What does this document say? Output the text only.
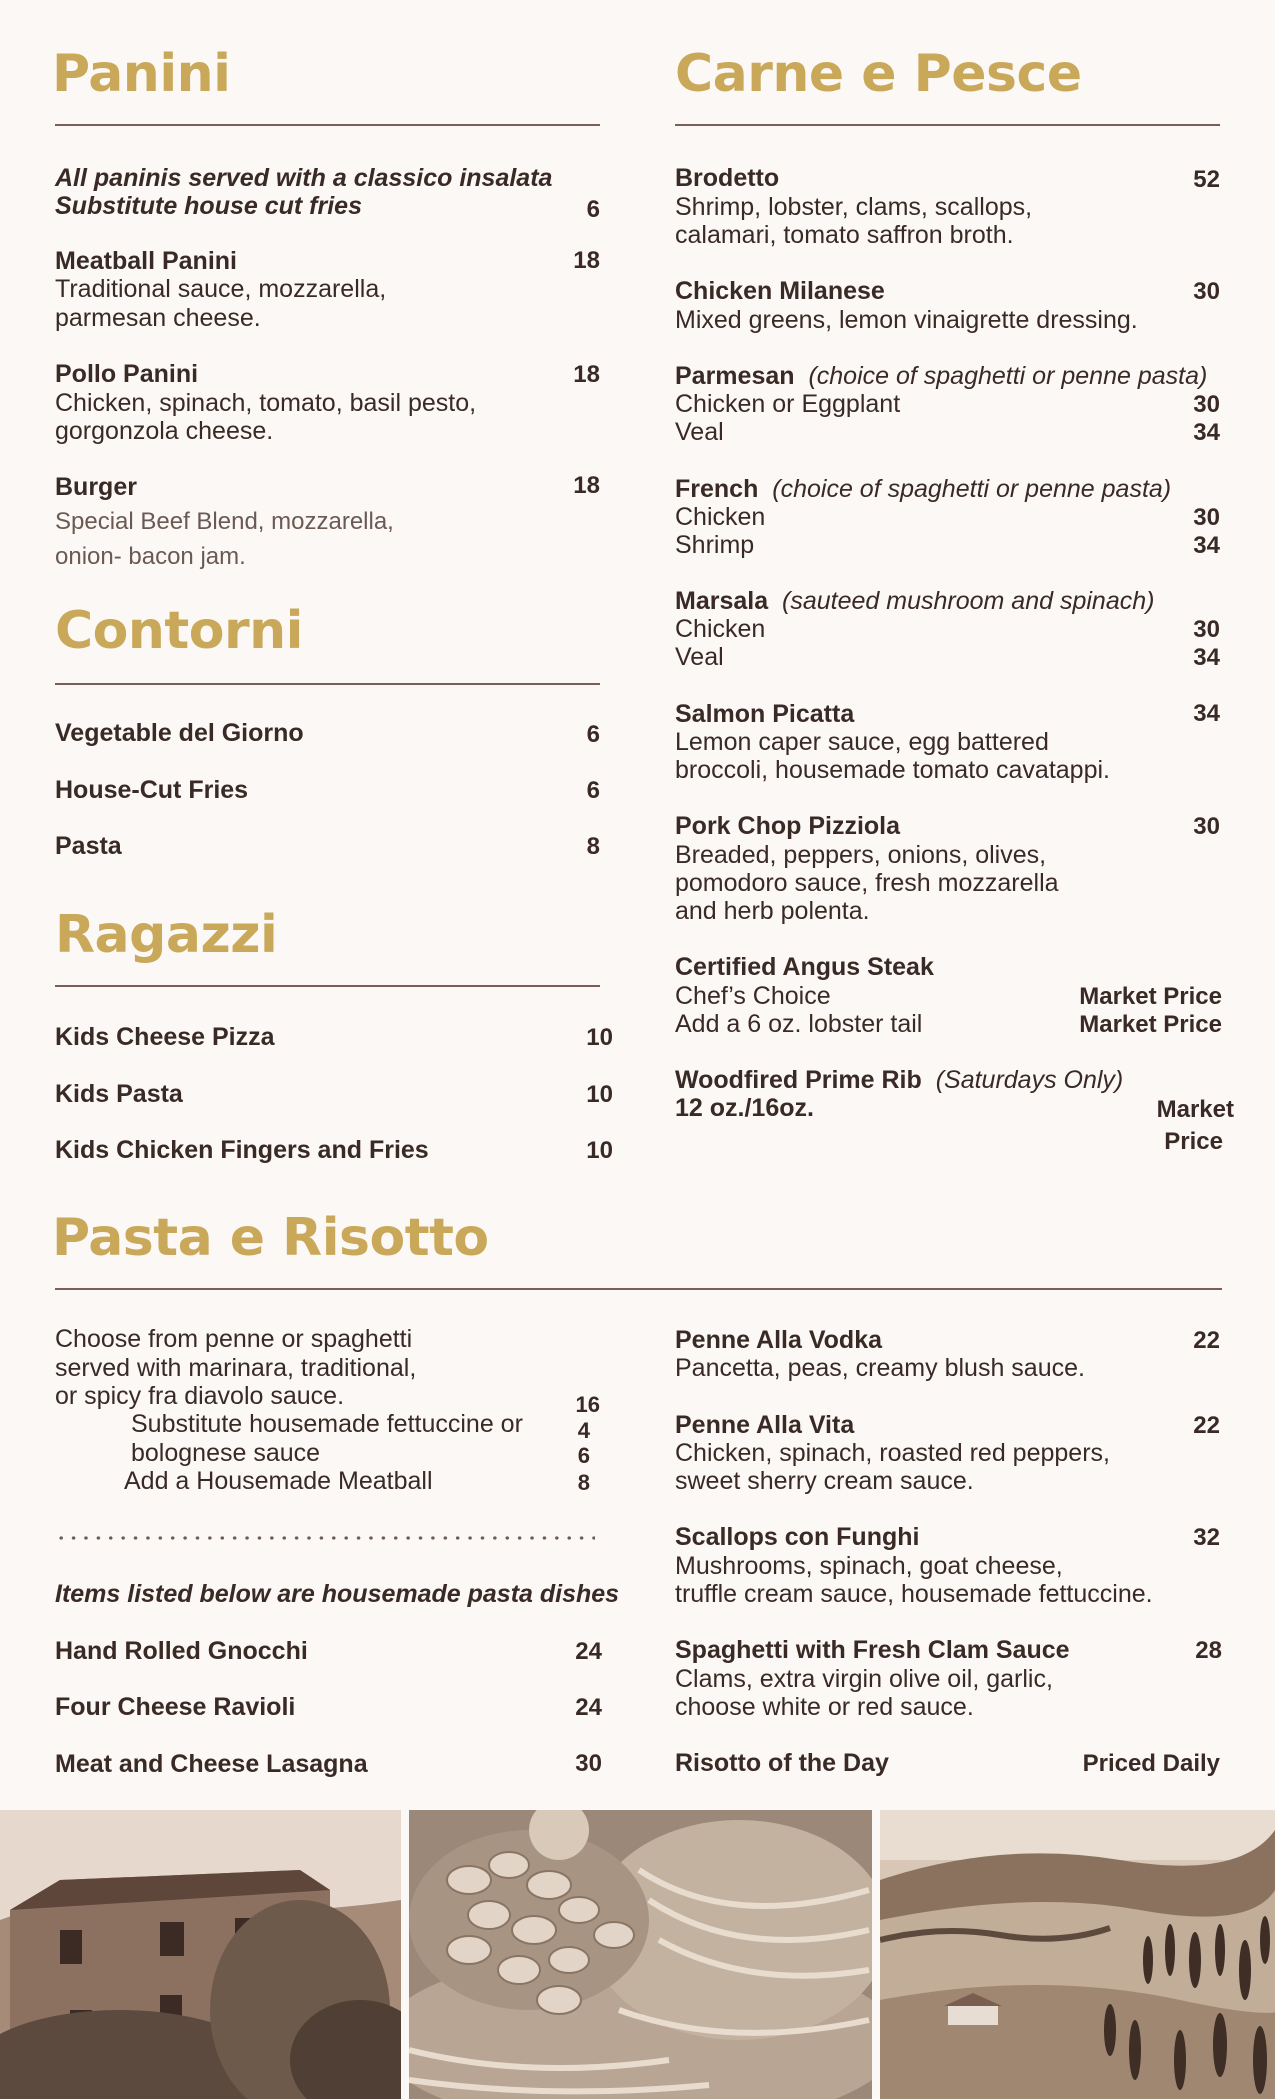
Panini
All paninis served with a classico insalata
Substitute house cut fries	6
Meatball Panini	18
Traditional sauce, mozzarella,
parmesan cheese.
Pollo Panini	18
Chicken, spinach, tomato, basil pesto,
gorgonzola cheese.
Burger	18
Special Beef Blend, mozzarella,
onion- bacon jam.
Contorni
Vegetable del Giorno	6
House-Cut Fries	6
Pasta	8
Ragazzi
Kids Cheese Pizza	10
Kids Pasta	10
Kids Chicken Fingers and Fries	10
Carne e Pesce
Brodetto	52
Shrimp, lobster, clams, scallops,
calamari, tomato saffron broth.
Chicken Milanese	30
Mixed greens, lemon vinaigrette dressing.
Parmesan (choice of spaghetti or penne pasta)
Chicken or Eggplant	30
Veal	34
French (choice of spaghetti or penne pasta)
Chicken	30
Shrimp	34
Marsala (sauteed mushroom and spinach)
Chicken	30
Veal	34
Salmon Picatta	34
Lemon caper sauce, egg battered
broccoli, housemade tomato cavatappi.
Pork Chop Pizziola	30
Breaded, peppers, onions, olives,
pomodoro sauce, fresh mozzarella
and herb polenta.
Certified Angus Steak
Chef’s Choice	Market Price
Add a 6 oz. lobster tail	Market Price
Woodfired Prime Rib (Saturdays Only)
12 oz./16oz.	Market
Price
Pasta e Risotto
Choose from penne or spaghetti
served with marinara, traditional,
or spicy fra diavolo sauce.	16
Substitute housemade fettuccine or	4
bolognese sauce	6
Add a Housemade Meatball	8
Items listed below are housemade pasta dishes
Hand Rolled Gnocchi	24
Four Cheese Ravioli	24
Meat and Cheese Lasagna	30
Penne Alla Vodka	22
Pancetta, peas, creamy blush sauce.
Penne Alla Vita	22
Chicken, spinach, roasted red peppers,
sweet sherry cream sauce.
Scallops con Funghi	32
Mushrooms, spinach, goat cheese,
truffle cream sauce, housemade fettuccine.
Spaghetti with Fresh Clam Sauce	28
Clams, extra virgin olive oil, garlic,
choose white or red sauce.
Risotto of the Day	Priced Daily
